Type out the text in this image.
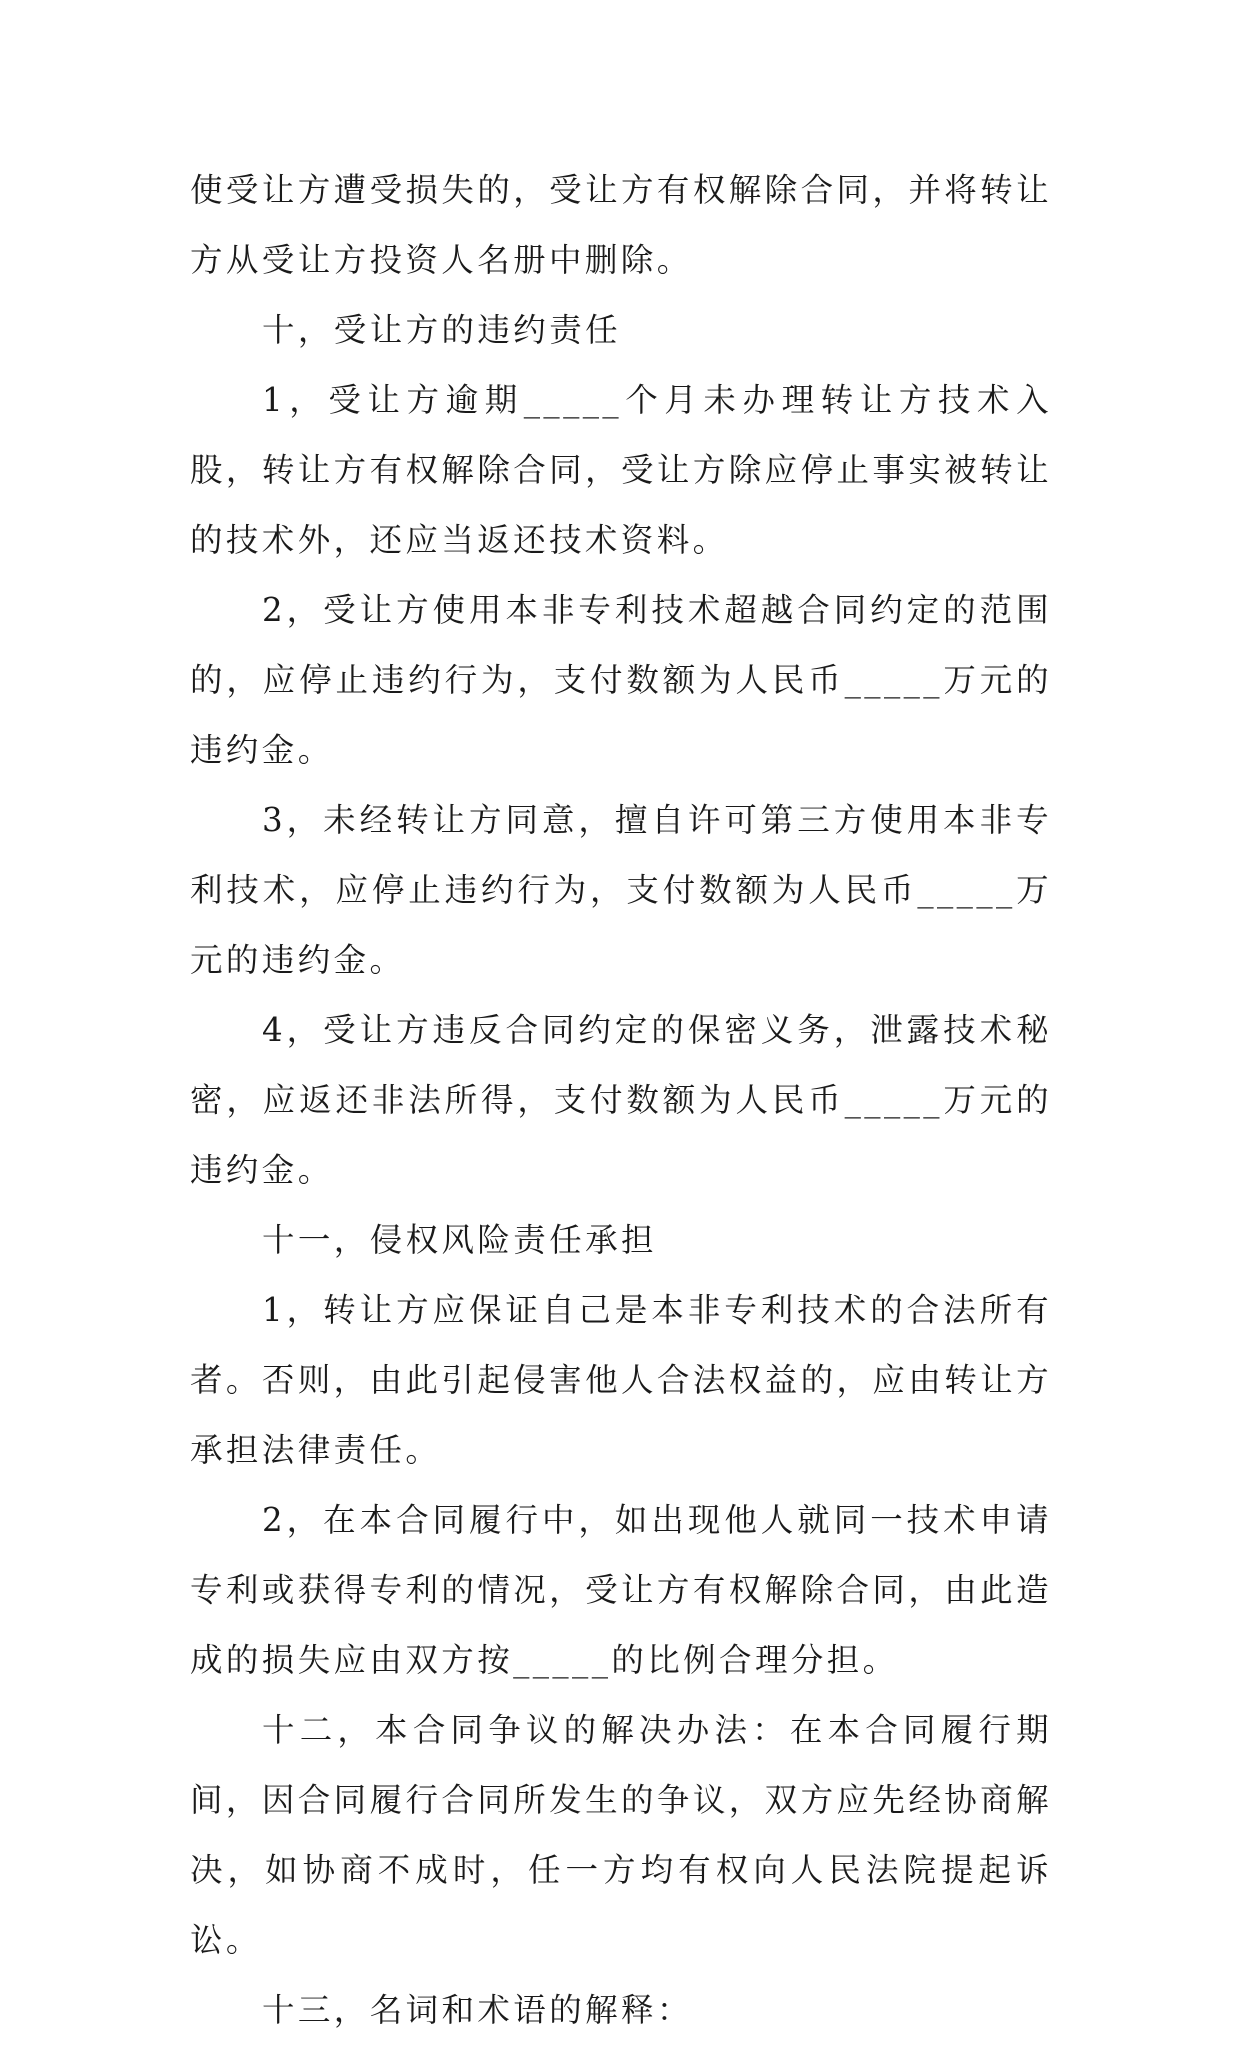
使受让方遭受损失的，受让方有权解除合同，并将转让方从受让方投资人名册中删除。

十，受让方的违约责任

1，受让方逾期_____个月未办理转让方技术入股，转让方有权解除合同，受让方除应停止事实被转让的技术外，还应当返还技术资料。

2，受让方使用本非专利技术超越合同约定的范围的，应停止违约行为，支付数额为人民币_____万元的违约金。

3，未经转让方同意，擅自许可第三方使用本非专利技术，应停止违约行为，支付数额为人民币_____万元的违约金。

4，受让方违反合同约定的保密义务，泄露技术秘密，应返还非法所得，支付数额为人民币_____万元的违约金。

十一，侵权风险责任承担

1，转让方应保证自己是本非专利技术的合法所有者。否则，由此引起侵害他人合法权益的，应由转让方承担法律责任。

2，在本合同履行中，如出现他人就同一技术申请专利或获得专利的情况，受让方有权解除合同，由此造成的损失应由双方按_____的比例合理分担。

十二，本合同争议的解决办法：在本合同履行期间，因合同履行合同所发生的争议，双方应先经协商解决，如协商不成时，任一方均有权向人民法院提起诉讼。

十三，名词和术语的解释：
